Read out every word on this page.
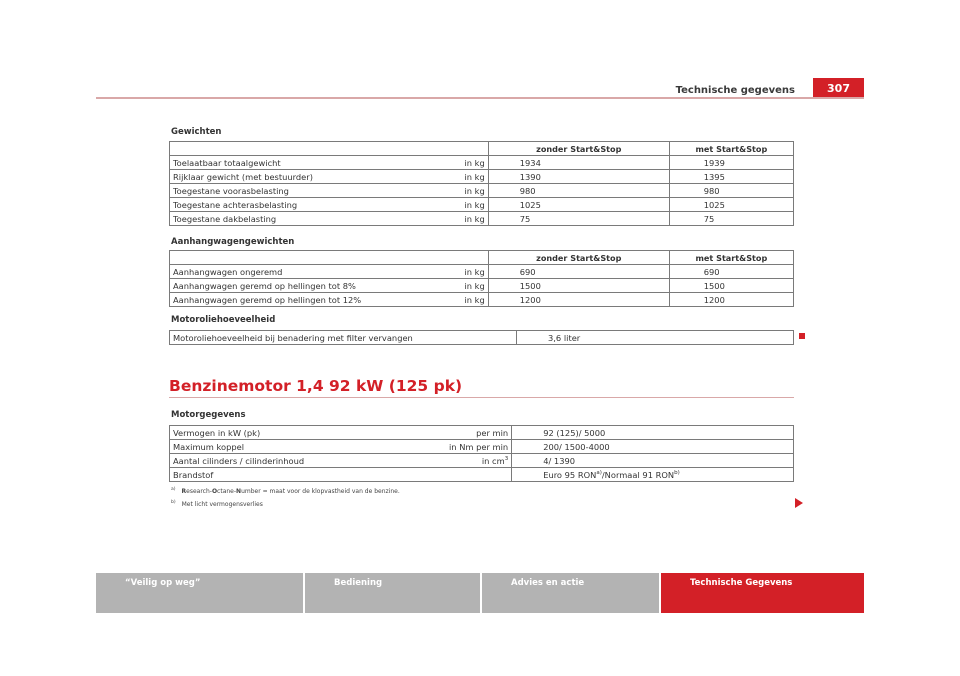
Technische gegevens	307
Gewichten
		zonder Start&Stop	met Start&Stop
Toelaatbaar totaalgewicht	in kg	1934	1939
Rijklaar gewicht (met bestuurder)	in kg	1390	1395
Toegestane voorasbelasting	in kg	980	980
Toegestane achterasbelasting	in kg	1025	1025
Toegestane dakbelasting	in kg	75	75
Aanhangwagengewichten
		zonder Start&Stop	met Start&Stop
Aanhangwagen ongeremd	in kg	690	690
Aanhangwagen geremd op hellingen tot 8%	in kg	1500	1500
Aanhangwagen geremd op hellingen tot 12%	in kg	1200	1200
Motoroliehoeveelheid
Motoroliehoeveelheid bij benadering met filter vervangen	3,6 liter
Benzinemotor 1,4 92 kW (125 pk)
Motorgegevens
Vermogen in kW (pk)	per min	92 (125)/ 5000
Maximum koppel	in Nm per min	200/ 1500-4000
Aantal cilinders / cilinderinhoud	in $cm^3$	4/ 1390
Brandstof		Euro 95 RON$^{a)}$/Normaal 91 RON$^{b)}$
$^{a)}$ Research-Octane-Number = maat voor de klopvastheid van de benzine.
$^{b)}$ Met licht vermogensverlies
“Veilig op weg”	Bediening	Advies en actie	Technische Gegevens
